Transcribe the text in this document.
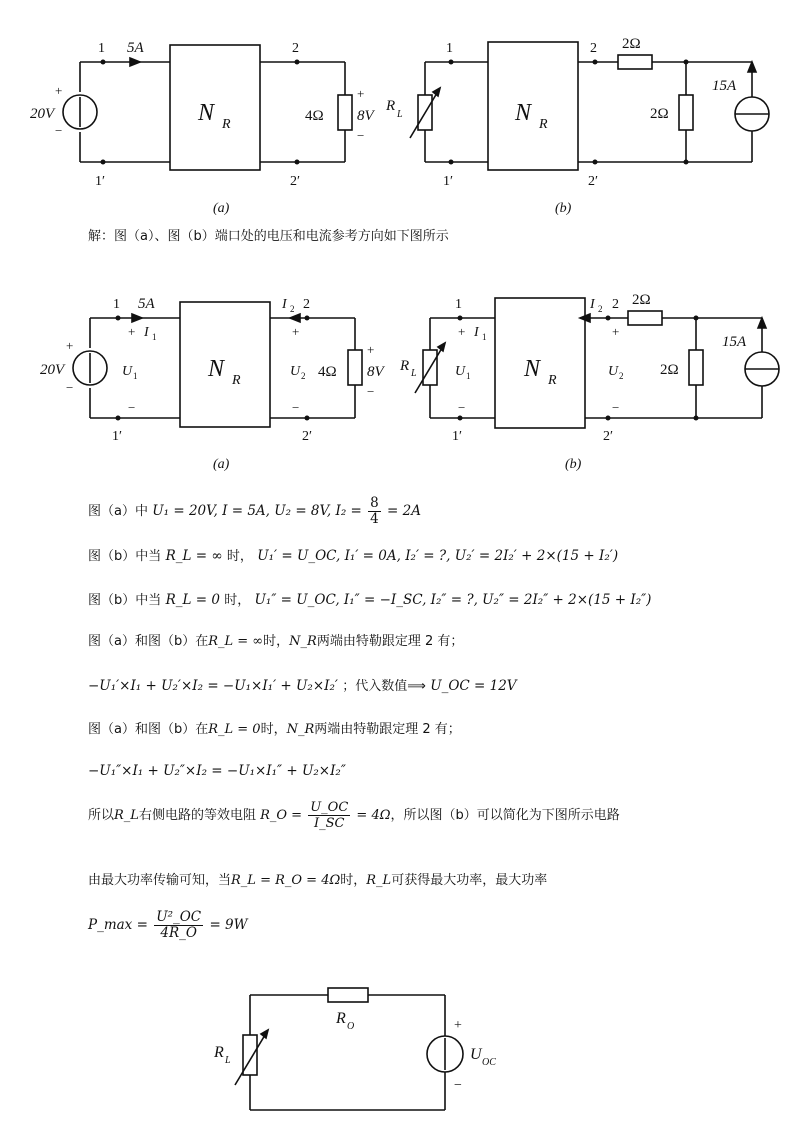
20V
+
−
1 5A
1′
2
2′
N R
4Ω
+
8V
−
(a)
R
L
1
1′
2
2′
N R
2Ω
2Ω
15A
(b)
解：图（a）、图（b）端口处的电压和电流参考方向如下图所示
20V
+
−
1 5A
+ I 1
U 1
−
1′
I 2 2
+
U 2
−
2′
N R
4Ω
+
8V
−
(a)
R L
1
+ I 1
U 1
−
1′
I 2 2
+
U 2
−
2′
N R
2Ω
2Ω
15A
(b)
图（a）中 U₁ = 20V, I = 5A, U₂ = 8V, $I_2 = \frac{8}{4} = 2A$
图（b）中当 R_L = ∞ 时， U₁′ = U_OC, I₁′ = 0A, I₂′ = ?, U₂′ = 2I₂′ + 2×(15 + I₂′)
图（b）中当 R_L = 0 时， U₁″ = U_OC, I₁″ = −I_SC, I₂″ = ?, U₂″ = 2I₂″ + 2×(15 + I₂″)
图（a）和图（b）在R_L = ∞时，N_R两端由特勒跟定理 2 有；
−U₁′×I₁ + U₂′×I₂ = −U₁×I₁′ + U₂×I₂′ ；代入数值⟹ U_OC = 12V
图（a）和图（b）在R_L = 0时，N_R两端由特勒跟定理 2 有；
−U₁″×I₁ + U₂″×I₂ = −U₁×I₁″ + U₂×I₂″
所以R_L右侧电路的等效电阻 R_O = $\frac{U\_OC}{I\_SC} = 4\Omega$，所以图（b）可以简化为下图所示电路
由最大功率传输可知，当R_L = R_O = 4Ω时，R_L可获得最大功率，最大功率
P_max = $\frac{\text{U²\_OC}}{4R\_O} = 9W$
R O
R L
+
−
U OC
